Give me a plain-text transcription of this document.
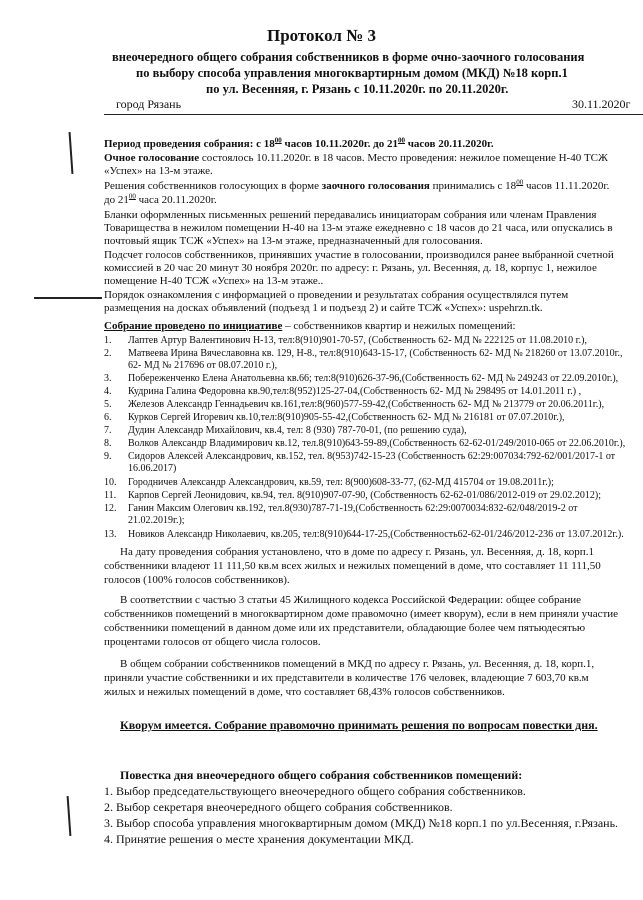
Протокол № 3
внеочередного общего собрания собственников в форме очно-заочного голосования
по выбору способа управления многоквартирным домом (МКД) №18 корп.1
по ул. Весенняя, г. Рязань с 10.11.2020г. по 20.11.2020г.
город Рязань	30.11.2020г
Период проведения собрания: с $18^{00}$ часов 10.11.2020г. до $21^{00}$ часов 20.11.2020г.
Очное голосование состоялось 10.11.2020г. в 18 часов. Место проведения: нежилое помещение Н-40 ТСЖ
«Успех» на 13-м этаже.
Решения собственников голосующих в форме заочного голосования принимались с $18^{00}$ часов 11.11.2020г.
до $21^{00}$ часа 20.11.2020г.
Бланки оформленных письменных решений передавались инициаторам собрания или членам Правления
Товарищества в нежилом помещении Н-40 на 13-м этаже ежедневно с 18 часов до 21 часа, или опускались в
почтовый ящик ТСЖ «Успех» на 13-м этаже, предназначенный для голосования.
Подсчет голосов собственников, принявших участие в голосовании, производился ранее выбранной счетной
комиссией в 20 час 20 минут 30 ноября 2020г. по адресу: г. Рязань, ул. Весенняя, д. 18, корпус 1, нежилое
помещение Н-40 ТСЖ «Успех» на 13-м этаже..
Порядок ознакомления с информацией о проведении и результатах собрания осуществлялся путем
размещения на досках объявлений (подъезд 1 и подъезд 2) и сайте ТСЖ «Успех»: uspehrzn.tk.
Собрание проведено по инициативе – собственников квартир и нежилых помещений:
1. Лаптев Артур Валентинович Н-13, тел:8(910)901-70-57, (Собственность 62- МД № 222125 от 11.08.2010 г.),
2. Матвеева Ирина Вячеславовна кв. 129, Н-8., тел:8(910)643-15-17, (Собственность 62- МД № 218260 от 13.07.2010г.,
62- МД № 217696 от 08.07.2010 г.),
3. Побереженченко Елена Анатольевна кв.66; тел:8(910)626-37-96,(Собственность 62- МД № 249243 от 22.09.2010г.),
4. Кудрина Галина Федоровна кв.90,тел:8(952)125-27-04,(Собственность 62- МД № 298495 от 14.01.2011 г.) ,
5. Железов Александр Геннадьевич кв.161,тел:8(960)577-59-42,(Собственность 62- МД № 213779 от 20.06.2011г.),
6. Курков Сергей Игоревич кв.10,тел:8(910)905-55-42,(Собственность 62- МД № 216181 от 07.07.2010г.),
7. Дудин Александр Михайлович, кв.4, тел: 8 (930) 787-70-01, (по решению суда),
8. Волков Александр Владимирович кв.12, тел.8(910)643-59-89,(Собственность 62-62-01/249/2010-065 от 22.06.2010г.),
9. Сидоров Алексей Александрович, кв.152, тел. 8(953)742-15-23 (Собственность 62:29:007034:792-62/001/2017-1 от
16.06.2017)
10. Городничев Александр Александрович, кв.59, тел: 8(900)608-33-77, (62-МД 415704 от 19.08.2011г.);
11. Карпов Сергей Леонидович, кв.94, тел. 8(910)907-07-90, (Собственность 62-62-01/086/2012-019 от 29.02.2012);
12. Ганин Максим Олегович кв.192, тел.8(930)787-71-19,(Собственность 62:29:0070034:832-62/048/2019-2 от
21.02.2019г.);
13. Новиков Александр Николаевич, кв.205, тел:8(910)644-17-25,(Собственность62-62-01/246/2012-236 от 13.07.2012г.).
На дату проведения собрания установлено, что в доме по адресу г. Рязань, ул. Весенняя, д. 18, корп.1
собственники владеют 11 111,50 кв.м всех жилых и нежилых помещений в доме, что составляет 11 111,50
голосов (100% голосов собственников).
В соответствии с частью 3 статьи 45 Жилищного кодекса Российской Федерации: общее собрание
собственников помещений в многоквартирном доме правомочно (имеет кворум), если в нем приняли участие
собственники помещений в данном доме или их представители, обладающие более чем пятьюдесятью
процентами голосов от общего числа голосов.
В общем собрании собственников помещений в МКД по адресу г. Рязань, ул. Весенняя, д. 18, корп.1,
приняли участие собственники и их представители в количестве 176 человек, владеющие 7 603,70 кв.м
жилых и нежилых помещений в доме, что составляет 68,43% голосов собственников.
Кворум имеется. Собрание правомочно принимать решения по вопросам повестки дня.
Повестка дня внеочередного общего собрания собственников помещений:
1. Выбор председательствующего внеочередного общего собрания собственников.
2. Выбор секретаря внеочередного общего собрания собственников.
3. Выбор способа управления многоквартирным домом (МКД) №18 корп.1 по ул.Весенняя, г.Рязань.
4. Принятие решения о месте хранения документации МКД.
